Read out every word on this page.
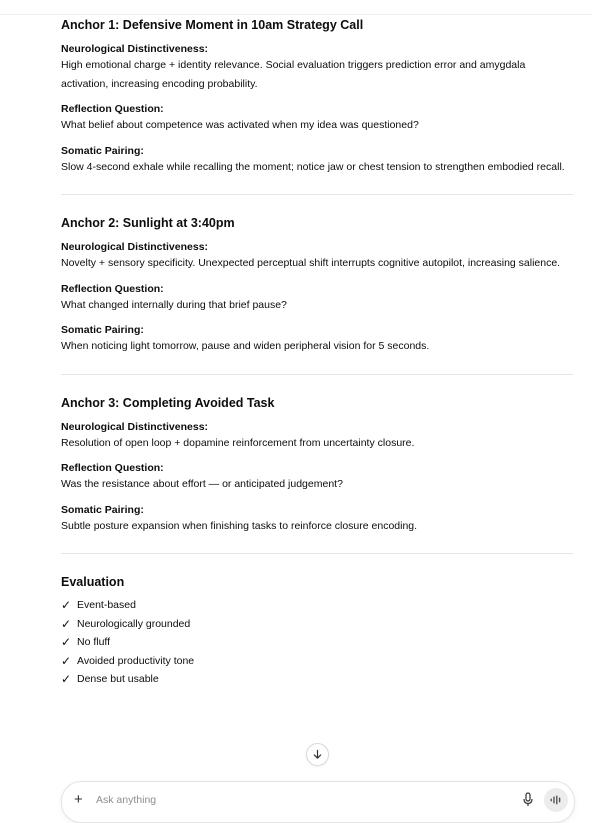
Anchor 1: Defensive Moment in 10am Strategy Call

Neurological Distinctiveness:

High emotional charge + identity relevance. Social evaluation triggers prediction error and amygdala activation, increasing encoding probability.

Reflection Question:

What belief about competence was activated when my idea was questioned?

Somatic Pairing:

Slow 4-second exhale while recalling the moment; notice jaw or chest tension to strengthen embodied recall.

Anchor 2: Sunlight at 3:40pm

Neurological Distinctiveness:

Novelty + sensory specificity. Unexpected perceptual shift interrupts cognitive autopilot, increasing salience.

Reflection Question:

What changed internally during that brief pause?

Somatic Pairing:

When noticing light tomorrow, pause and widen peripheral vision for 5 seconds.

Anchor 3: Completing Avoided Task

Neurological Distinctiveness:

Resolution of open loop + dopamine reinforcement from uncertainty closure.

Reflection Question:

Was the resistance about effort — or anticipated judgement?

Somatic Pairing:

Subtle posture expansion when finishing tasks to reinforce closure encoding.

Evaluation
✓ Event-based
✓ Neurologically grounded
✓ No fluff
✓ Avoided productivity tone
✓ Dense but usable
+ Ask anything
